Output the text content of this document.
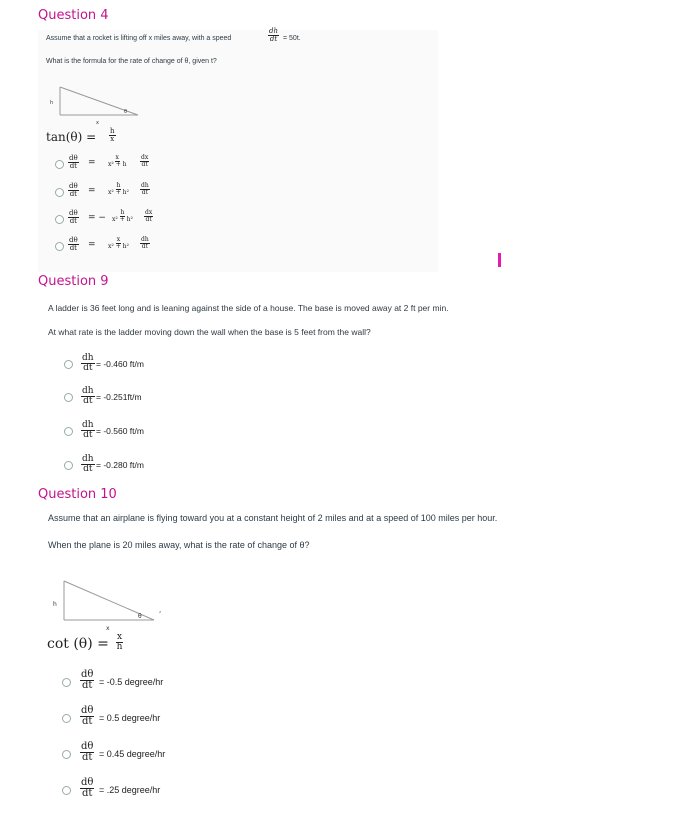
Question 4
Assume that a rocket is lifting off x miles away, with a speed	$\frac{dh}{dt} = 50t$.
What is the formula for the rate of change of θ, given t?
h
x
θ
$\tan(\theta) = \frac{h}{x}$
$\frac{d\theta}{dt} = \frac{x}{\text{x² + h}} \frac{dx}{dt}$
$\frac{d\theta}{dt} = \frac{h}{\text{x² + h²}} \frac{dh}{dt}$
$\frac{d\theta}{dt}$ = − $\frac{h}{\text{x² + h²}} \frac{dx}{dt}$
$\frac{d\theta}{dt} = \frac{x}{\text{x² + h²}} \frac{dh}{dt}$
Question 9
A ladder is 36 feet long and is leaning against the side of a house. The base is moved away at 2 ft per min.
At what rate is the ladder moving down the wall when the base is 5 feet from the wall?
$\frac{dh}{dt} = -0.460$ ft/m
$\frac{dh}{dt} = -0.251ft/m$
$\frac{dh}{dt} = -0.560$ ft/m
$\frac{dh}{dt} = -0.280$ ft/m
Question 10
Assume that an airplane is flying toward you at a constant height of 2 miles and at a speed of 100 miles per hour.
When the plane is 20 miles away, what is the rate of change of θ?
h
x
θ
,
$\cot (\theta) = \frac{x}{h}$
$\frac{d\theta}{dt} = -0.5$ degree/hr
$\frac{d\theta}{dt} = 0.5$ degree/hr
$\frac{d\theta}{dt} = 0.45$ degree/hr
$\frac{d\theta}{dt} = .25$ degree/hr
